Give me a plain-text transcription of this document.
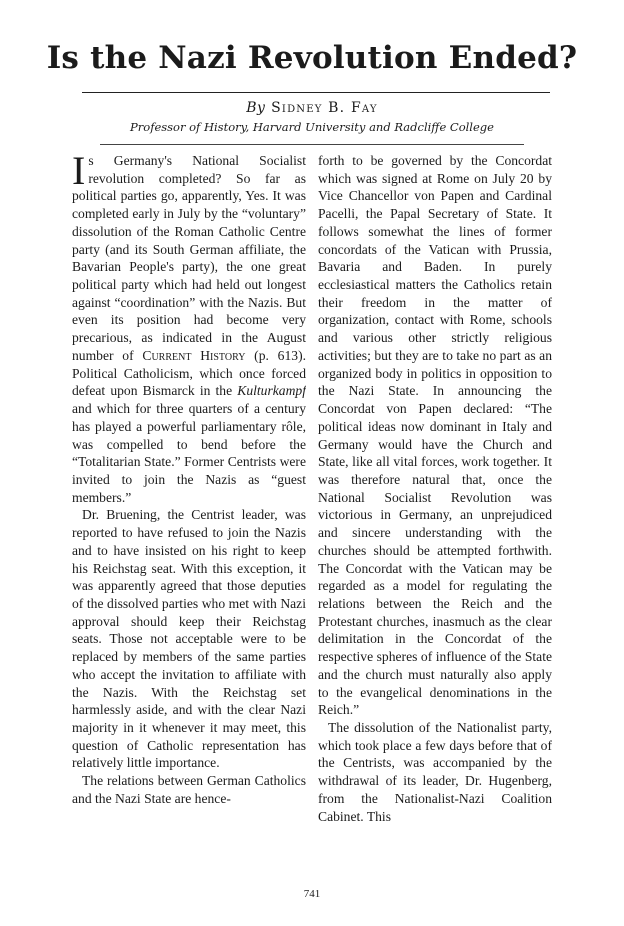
Is the Nazi Revolution Ended?
By Sidney B. Fay
Professor of History, Harvard University and Radcliffe College

Is Germany's National Socialist revolution completed? So far as political parties go, apparently, Yes. It was completed early in July by the “voluntary” dissolution of the Roman Catholic Centre party (and its South German affiliate, the Bavarian People's party), the one great political party which had held out longest against “coordination” with the Nazis. But even its position had become very precarious, as indicated in the August number of Current History (p. 613). Political Catholicism, which once forced defeat upon Bismarck in the Kulturkampf and which for three quarters of a century has played a powerful parliamentary rôle, was compelled to bend before the “Totalitarian State.” Former Centrists were invited to join the Nazis as “guest members.”

Dr. Bruening, the Centrist leader, was reported to have refused to join the Nazis and to have insisted on his right to keep his Reichstag seat. With this exception, it was apparently agreed that those deputies of the dissolved parties who met with Nazi approval should keep their Reichstag seats. Those not acceptable were to be replaced by members of the same parties who accept the invitation to affiliate with the Nazis. With the Reichstag set harmlessly aside, and with the clear Nazi majority in it whenever it may meet, this question of Catholic representation has relatively little importance.

The relations between German Catholics and the Nazi State are hence-

forth to be governed by the Concordat which was signed at Rome on July 20 by Vice Chancellor von Papen and Cardinal Pacelli, the Papal Secretary of State. It follows somewhat the lines of former concordats of the Vatican with Prussia, Bavaria and Baden. In purely ecclesiastical matters the Catholics retain their freedom in the matter of organization, contact with Rome, schools and various other strictly religious activities; but they are to take no part as an organized body in politics in opposition to the Nazi State. In announcing the Concordat von Papen declared: “The political ideas now dominant in Italy and Germany would have the Church and State, like all vital forces, work together. It was therefore natural that, once the National Socialist Revolution was victorious in Germany, an unprejudiced and sincere understanding with the churches should be attempted forthwith. The Concordat with the Vatican may be regarded as a model for regulating the relations between the Reich and the Protestant churches, inasmuch as the clear delimitation in the Concordat of the respective spheres of influence of the State and the church must naturally also apply to the evangelical denominations in the Reich.”

The dissolution of the Nationalist party, which took place a few days before that of the Centrists, was accompanied by the withdrawal of its leader, Dr. Hugenberg, from the Nationalist-Nazi Coalition Cabinet. This

741
